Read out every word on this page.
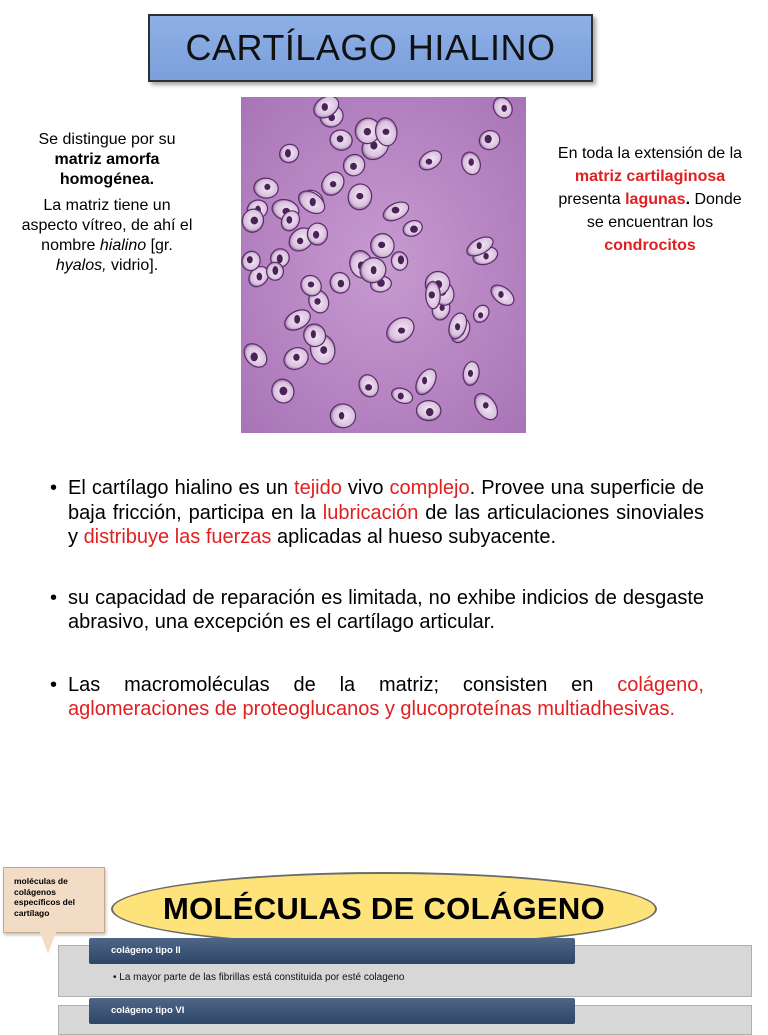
CARTÍLAGO HIALINO

Se distingue por su matriz amorfa homogénea.

La matriz tiene un aspecto vítreo, de ahí el nombre hialino [gr. hyalos, vidrio].

En toda la extensión de la matriz cartilaginosa presenta lagunas. Donde se encuentran los condrocitos
• El cartílago hialino es un tejido vivo complejo. Provee una superficie de baja fricción, participa en la lubricación de las articulaciones sinoviales y distribuye las fuerzas aplicadas al hueso subyacente.
• su capacidad de reparación es limitada, no exhibe indicios de desgaste abrasivo, una excepción es el cartílago articular.
• Las macromoléculas de la matriz; consisten en colágeno, aglomeraciones de proteoglucanos y glucoproteínas multiadhesivas.
moléculas de colágenos específicos del cartílago	MOLÉCULAS DE COLÁGENO
colágeno tipo II
• La mayor parte de las fibrillas está constituida por esté colageno
colágeno tipo VI
